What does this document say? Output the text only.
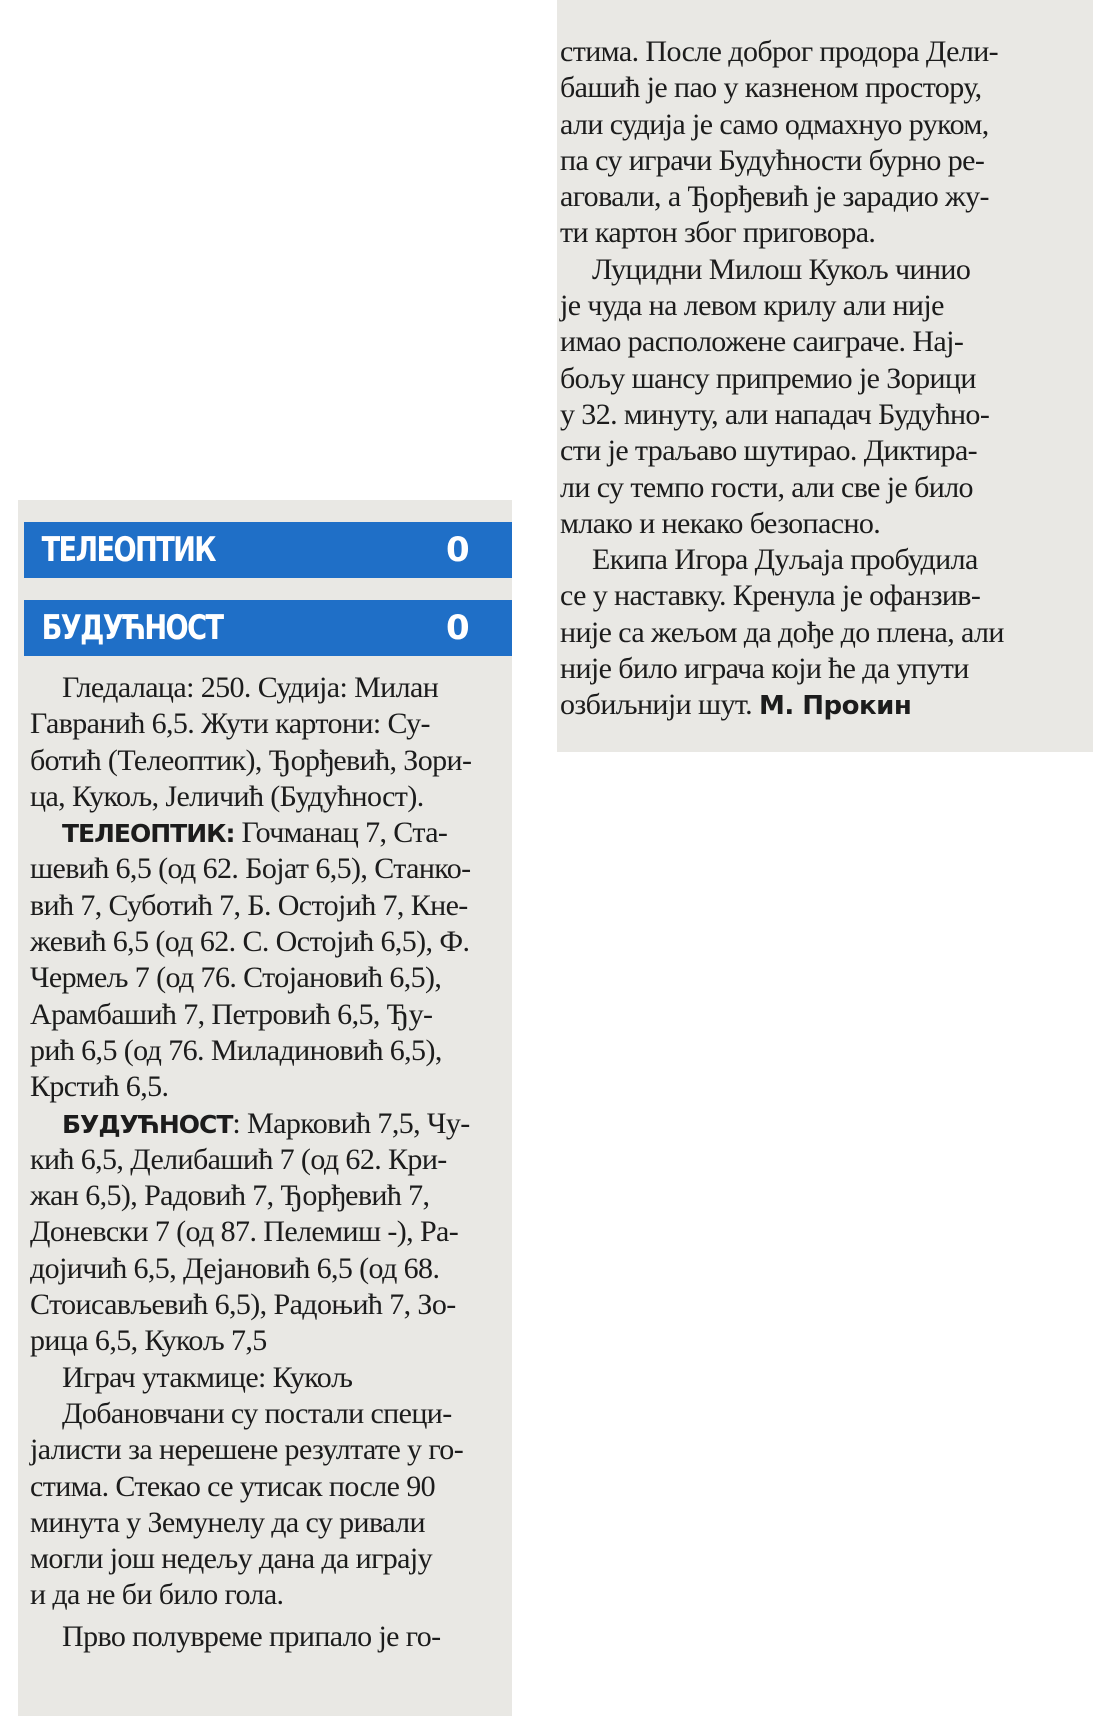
ТЕЛЕОПТИК	0
БУДУЋНОСТ	0
Гледалаца: 250. Судија: Милан
Гавранић 6,5. Жути картони: Су-
ботић (Телеоптик), Ђорђевић, Зори-
ца, Кукољ, Јеличић (Будућност).
ТЕЛЕОПТИК: Гочманац 7, Ста-
шевић 6,5 (од 62. Бојат 6,5), Станко-
вић 7, Суботић 7, Б. Остојић 7, Кне-
жевић 6,5 (од 62. С. Остојић 6,5), Ф.
Чермељ 7 (од 76. Стојановић 6,5),
Арамбашић 7, Петровић 6,5, Ђу-
рић 6,5 (од 76. Миладиновић 6,5),
Крстић 6,5.
БУДУЋНОСТ: Марковић 7,5, Чу-
кић 6,5, Делибашић 7 (од 62. Кри-
жан 6,5), Радовић 7, Ђорђевић 7,
Доневски 7 (од 87. Пелемиш -), Ра-
дојичић 6,5, Дејановић 6,5 (од 68.
Стоисављевић 6,5), Радоњић 7, Зо-
рица 6,5, Кукољ 7,5
Играч утакмице: Кукољ
Добановчани су постали специ-
јалисти за нерешене резултате у го-
стима. Стекао се утисак после 90
минута у Земунелу да су ривали
могли још недељу дана да играју
и да не би било гола.
Прво полувреме припало је го-
стима. После доброг продора Дели-
башић је пао у казненом простору,
али судија је само одмахнуо руком,
па су играчи Будућности бурно ре-
аговали, а Ђорђевић је зарадио жу-
ти картон због приговора.
Луцидни Милош Кукољ чинио
је чуда на левом крилу али није
имао расположене саиграче. Нај-
бољу шансу припремио је Зорици
у 32. минуту, али нападач Будућно-
сти је траљаво шутирао. Диктира-
ли су темпо гости, али све је било
млако и некако безопасно.
Екипа Игора Дуљаја пробудила
се у наставку. Кренула је офанзив-
није са жељом да дође до плена, али
није било играча који ће да упути
озбиљнији шут. М. Прокин
